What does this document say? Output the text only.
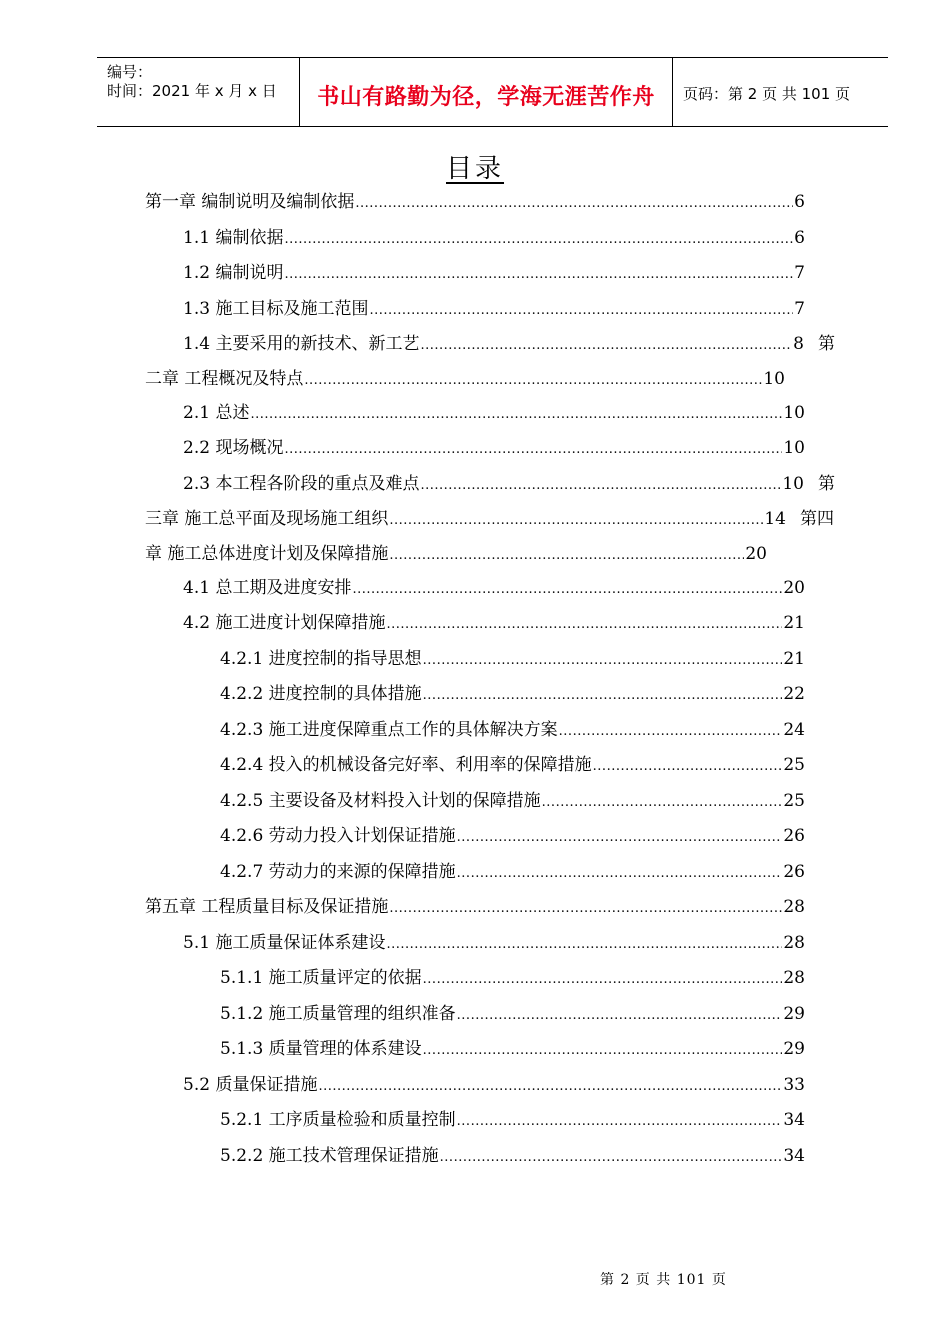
编号：
时间：2021 年 x 月 x 日	书山有路勤为径，学海无涯苦作舟	页码：第 2 页 共 101 页
目录
第一章 编制说明及编制依据 .....	6
1.1 编制依据 .....	6
1.2 编制说明 .....	7
1.3 施工目标及施工范围 .....	7
1.4 主要采用的新技术、新工艺 .....	8 第
二章 工程概况及特点 .....	10
2.1 总述 .....	10
2.2 现场概况 .....	10
2.3 本工程各阶段的重点及难点 .....	10 第
三章 施工总平面及现场施工组织 .....	14 第四
章 施工总体进度计划及保障措施 .....	20
4.1 总工期及进度安排 .....	20
4.2 施工进度计划保障措施 .....	21
4.2.1 进度控制的指导思想 .....	21
4.2.2 进度控制的具体措施 .....	22
4.2.3 施工进度保障重点工作的具体解决方案 .....	24
4.2.4 投入的机械设备完好率、利用率的保障措施 .....	25
4.2.5 主要设备及材料投入计划的保障措施 .....	25
4.2.6 劳动力投入计划保证措施 .....	26
4.2.7 劳动力的来源的保障措施 .....	26
第五章 工程质量目标及保证措施 .....	28
5.1 施工质量保证体系建设 .....	28
5.1.1 施工质量评定的依据 .....	28
5.1.2 施工质量管理的组织准备 .....	29
5.1.3 质量管理的体系建设 .....	29
5.2 质量保证措施 .....	33
5.2.1 工序质量检验和质量控制 .....	34
5.2.2 施工技术管理保证措施 .....	34
第 2 页 共 101 页
